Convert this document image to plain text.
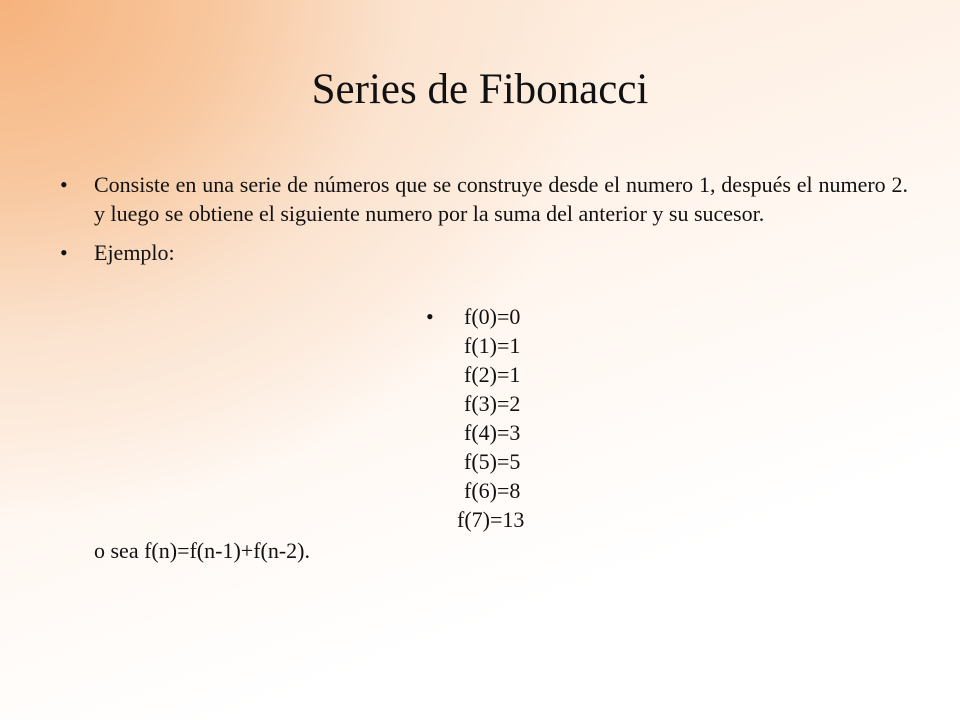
Series de Fibonacci
•	Consiste en una serie de números que se construye desde el numero 1, después el numero 2. y luego se obtiene el siguiente numero por la suma del anterior y su sucesor.
•	Ejemplo:
•	f(0)=0
f(1)=1
f(2)=1
f(3)=2
f(4)=3
f(5)=5
f(6)=8
f(7)=13
o sea f(n)=f(n-1)+f(n-2).
